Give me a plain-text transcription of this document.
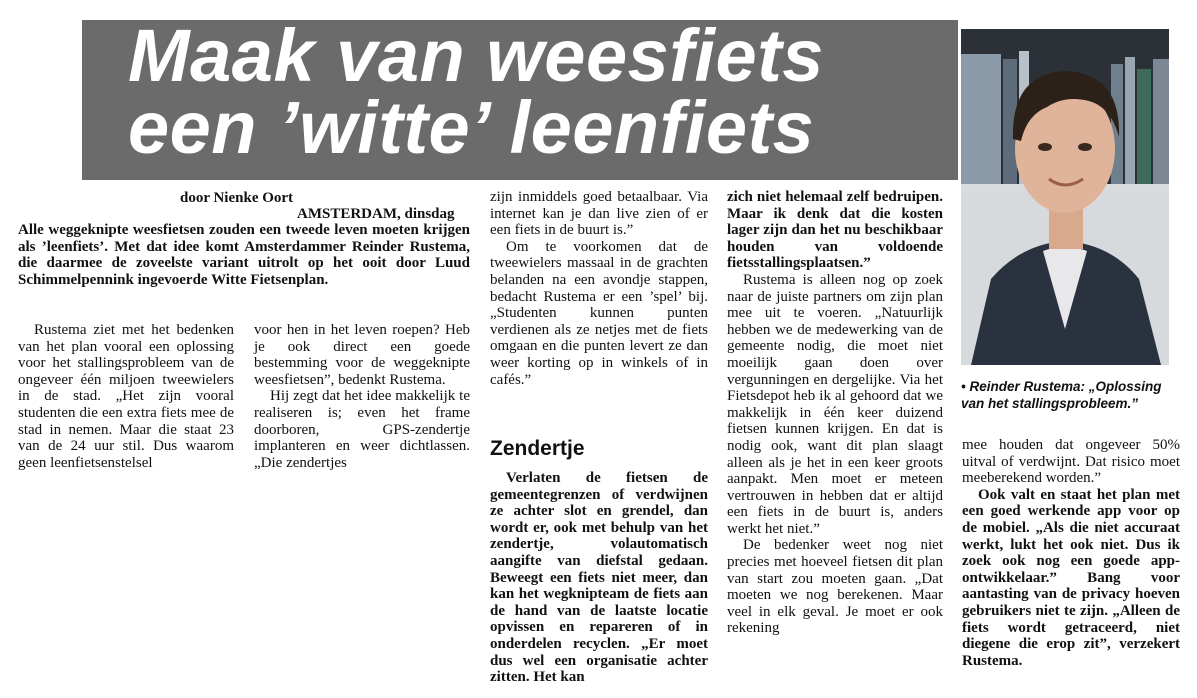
Maak van weesfiets
een ’witte’ leenfiets

• Reinder Rustema: „Oplossing van het stallingsprobleem.”

door Nienke Oort

AMSTERDAM, dinsdag

Alle weggeknipte weesfietsen zouden een tweede leven moeten krijgen als ’leenfiets’. Met dat idee komt Amsterdammer Reinder Rustema, die daarmee de zoveelste variant uitrolt op het ooit door Luud Schimmelpennink ingevoerde Witte Fietsenplan.

Rustema ziet met het bedenken van het plan vooral een oplossing voor het stallingsprobleem van de ongeveer één miljoen tweewielers in de stad. „Het zijn vooral studenten die een extra fiets mee de stad in nemen. Maar die staat 23 van de 24 uur stil. Dus waarom geen leenfietsenstelsel

voor hen in het leven roepen? Heb je ook direct een goede bestemming voor de weggeknipte weesfietsen”, bedenkt Rustema.

Hij zegt dat het idee makkelijk te realiseren is; even het frame doorboren, GPS-zendertje implanteren en weer dichtlassen. „Die zendertjes

zijn inmiddels goed betaalbaar. Via internet kan je dan live zien of er een fiets in de buurt is.”

Om te voorkomen dat de tweewielers massaal in de grachten belanden na een avondje stappen, bedacht Rustema er een ’spel’ bij. „Studenten kunnen punten verdienen als ze netjes met de fiets omgaan en die punten levert ze dan weer korting op in winkels of in cafés.”

Zendertje

Verlaten de fietsen de gemeentegrenzen of verdwijnen ze achter slot en grendel, dan wordt er, ook met behulp van het zendertje, volautomatisch aangifte van diefstal gedaan. Beweegt een fiets niet meer, dan kan het wegknipteam de fiets aan de hand van de laatste locatie opvissen en repareren of in onderdelen recyclen. „Er moet dus wel een organisatie achter zitten. Het kan

zich niet helemaal zelf bedruipen. Maar ik denk dat die kosten lager zijn dan het nu beschikbaar houden van voldoende fietsstallingsplaatsen.”

Rustema is alleen nog op zoek naar de juiste partners om zijn plan mee uit te voeren. „Natuurlijk hebben we de medewerking van de gemeente nodig, die moet niet moeilijk gaan doen over vergunningen en dergelijke. Via het Fietsdepot heb ik al gehoord dat we makkelijk in één keer duizend fietsen kunnen krijgen. En dat is nodig ook, want dit plan slaagt alleen als je het in een keer groots aanpakt. Men moet er meteen vertrouwen in hebben dat er altijd een fiets in de buurt is, anders werkt het niet.”

De bedenker weet nog niet precies met hoeveel fietsen dit plan van start zou moeten gaan. „Dat moeten we nog berekenen. Maar veel in elk geval. Je moet er ook rekening

mee houden dat ongeveer 50% uitval of verdwijnt. Dat risico moet meeberekend worden.”

Ook valt en staat het plan met een goed werkende app voor op de mobiel. „Als die niet accuraat werkt, lukt het ook niet. Dus ik zoek ook nog een goede app-ontwikkelaar.” Bang voor aantasting van de privacy hoeven gebruikers niet te zijn. „Alleen de fiets wordt getraceerd, niet diegene die erop zit”, verzekert Rustema.
